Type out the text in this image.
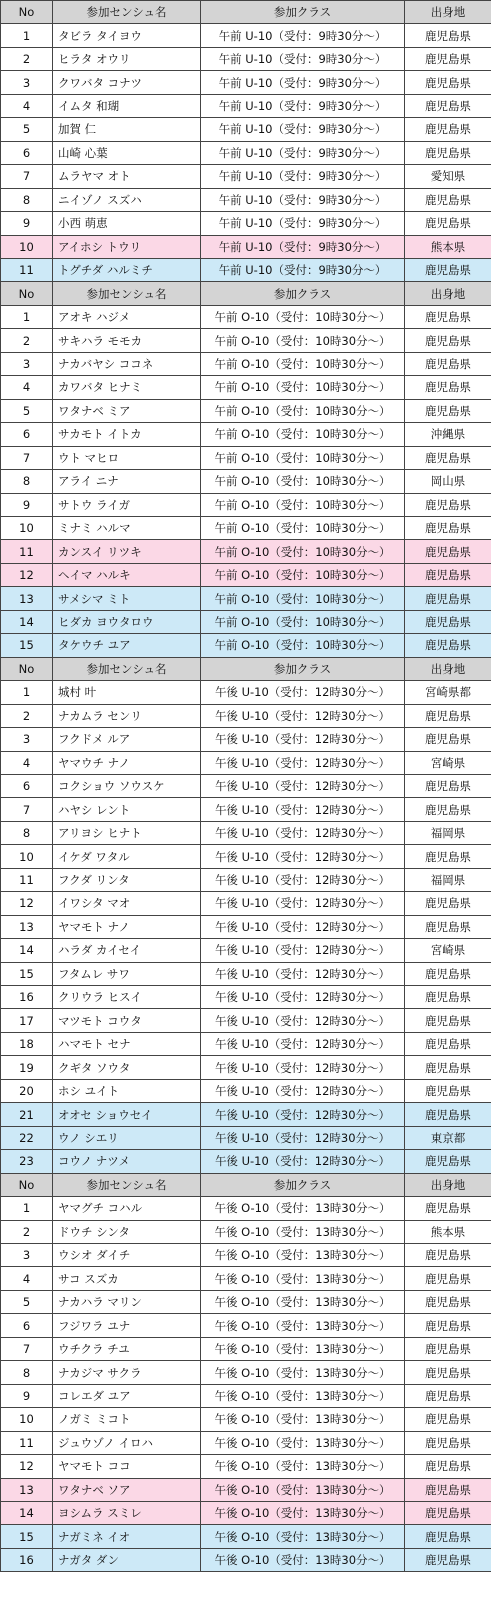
No	参加センシュ名	参加クラス	出身地
1	タビラ タイヨウ	午前 U-10（受付：9時30分～）	鹿児島県
2	ヒラタ オウリ	午前 U-10（受付：9時30分～）	鹿児島県
3	クワバタ コナツ	午前 U-10（受付：9時30分～）	鹿児島県
4	イムタ 和瑚	午前 U-10（受付：9時30分～）	鹿児島県
5	加賀 仁	午前 U-10（受付：9時30分～）	鹿児島県
6	山崎 心葉	午前 U-10（受付：9時30分～）	鹿児島県
7	ムラヤマ オト	午前 U-10（受付：9時30分～）	愛知県
8	ニイゾノ スズハ	午前 U-10（受付：9時30分～）	鹿児島県
9	小西 萌恵	午前 U-10（受付：9時30分～）	鹿児島県
10	アイホシ トウリ	午前 U-10（受付：9時30分～）	熊本県
11	トグチダ ハルミチ	午前 U-10（受付：9時30分～）	鹿児島県
No	参加センシュ名	参加クラス	出身地
1	アオキ ハジメ	午前 O-10（受付：10時30分～）	鹿児島県
2	サキハラ モモカ	午前 O-10（受付：10時30分～）	鹿児島県
3	ナカバヤシ ココネ	午前 O-10（受付：10時30分～）	鹿児島県
4	カワバタ ヒナミ	午前 O-10（受付：10時30分～）	鹿児島県
5	ワタナベ ミア	午前 O-10（受付：10時30分～）	鹿児島県
6	サカモト イトカ	午前 O-10（受付：10時30分～）	沖縄県
7	ウト マヒロ	午前 O-10（受付：10時30分～）	鹿児島県
8	アライ ニナ	午前 O-10（受付：10時30分～）	岡山県
9	サトウ ライガ	午前 O-10（受付：10時30分～）	鹿児島県
10	ミナミ ハルマ	午前 O-10（受付：10時30分～）	鹿児島県
11	カンスイ リツキ	午前 O-10（受付：10時30分～）	鹿児島県
12	ヘイマ ハルキ	午前 O-10（受付：10時30分～）	鹿児島県
13	サメシマ ミト	午前 O-10（受付：10時30分～）	鹿児島県
14	ヒダカ ヨウタロウ	午前 O-10（受付：10時30分～）	鹿児島県
15	タケウチ ユア	午前 O-10（受付：10時30分～）	鹿児島県
No	参加センシュ名	参加クラス	出身地
1	城村 叶	午後 U-10（受付：12時30分～）	宮崎県都
2	ナカムラ センリ	午後 U-10（受付：12時30分～）	鹿児島県
3	フクドメ ルア	午後 U-10（受付：12時30分～）	鹿児島県
4	ヤマウチ ナノ	午後 U-10（受付：12時30分～）	宮崎県
6	コクショウ ソウスケ	午後 U-10（受付：12時30分～）	鹿児島県
7	ハヤシ レント	午後 U-10（受付：12時30分～）	鹿児島県
8	アリヨシ ヒナト	午後 U-10（受付：12時30分～）	福岡県
10	イケダ ワタル	午後 U-10（受付：12時30分～）	鹿児島県
11	フクダ リンタ	午後 U-10（受付：12時30分～）	福岡県
12	イワシタ マオ	午後 U-10（受付：12時30分～）	鹿児島県
13	ヤマモト ナノ	午後 U-10（受付：12時30分～）	鹿児島県
14	ハラダ カイセイ	午後 U-10（受付：12時30分～）	宮崎県
15	フタムレ サワ	午後 U-10（受付：12時30分～）	鹿児島県
16	クリウラ ヒスイ	午後 U-10（受付：12時30分～）	鹿児島県
17	マツモト コウタ	午後 U-10（受付：12時30分～）	鹿児島県
18	ハマモト セナ	午後 U-10（受付：12時30分～）	鹿児島県
19	クギタ ソウタ	午後 U-10（受付：12時30分～）	鹿児島県
20	ホシ ユイト	午後 U-10（受付：12時30分～）	鹿児島県
21	オオセ ショウセイ	午後 U-10（受付：12時30分～）	鹿児島県
22	ウノ シエリ	午後 U-10（受付：12時30分～）	東京都
23	コウノ ナツメ	午後 U-10（受付：12時30分～）	鹿児島県
No	参加センシュ名	参加クラス	出身地
1	ヤマグチ コハル	午後 O-10（受付：13時30分～）	鹿児島県
2	ドウチ シンタ	午後 O-10（受付：13時30分～）	熊本県
3	ウシオ ダイチ	午後 O-10（受付：13時30分～）	鹿児島県
4	サコ スズカ	午後 O-10（受付：13時30分～）	鹿児島県
5	ナカハラ マリン	午後 O-10（受付：13時30分～）	鹿児島県
6	フジワラ ユナ	午後 O-10（受付：13時30分～）	鹿児島県
7	ウチクラ チユ	午後 O-10（受付：13時30分～）	鹿児島県
8	ナカジマ サクラ	午後 O-10（受付：13時30分～）	鹿児島県
9	コレエダ ユア	午後 O-10（受付：13時30分～）	鹿児島県
10	ノガミ ミコト	午後 O-10（受付：13時30分～）	鹿児島県
11	ジュウゾノ イロハ	午後 O-10（受付：13時30分～）	鹿児島県
12	ヤマモト ココ	午後 O-10（受付：13時30分～）	鹿児島県
13	ワタナベ ソア	午後 O-10（受付：13時30分～）	鹿児島県
14	ヨシムラ スミレ	午後 O-10（受付：13時30分～）	鹿児島県
15	ナガミネ イオ	午後 O-10（受付：13時30分～）	鹿児島県
16	ナガタ ダン	午後 O-10（受付：13時30分～）	鹿児島県
